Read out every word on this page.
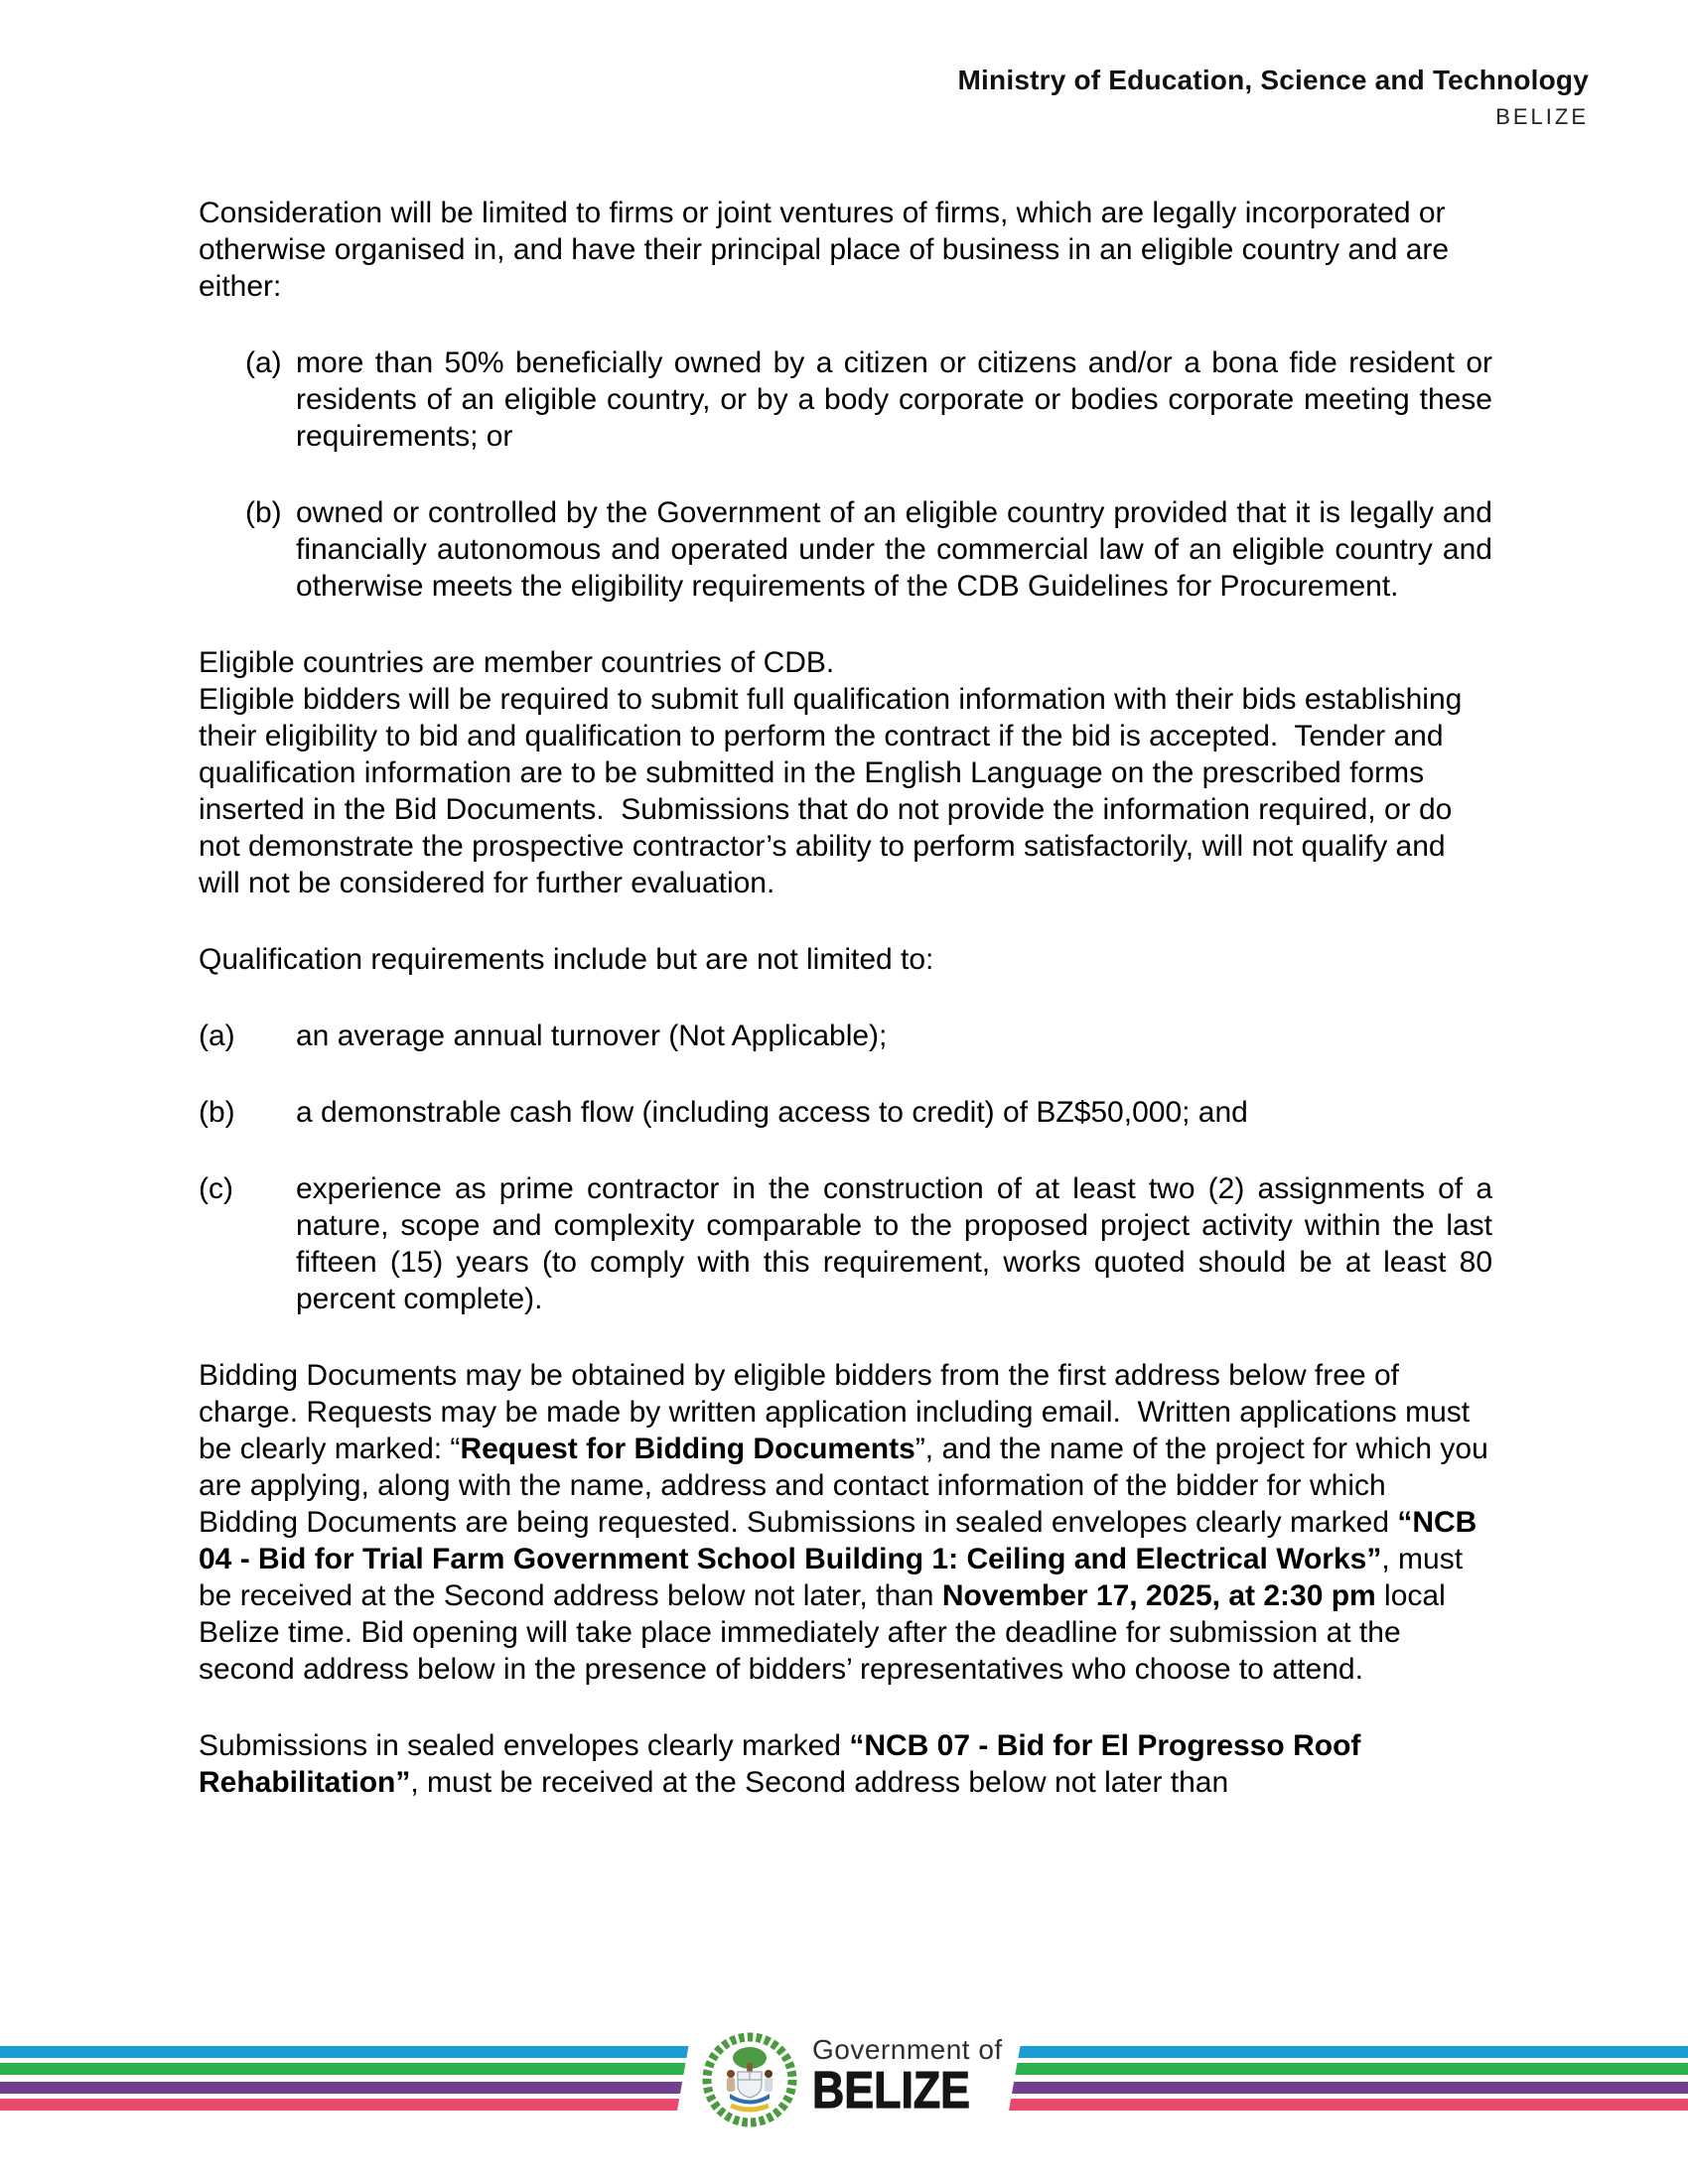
Ministry of Education, Science and Technology
BELIZE
Consideration will be limited to firms or joint ventures of firms, which are legally incorporated or otherwise organised in, and have their principal place of business in an eligible country and are either:
(a) more than 50% beneficially owned by a citizen or citizens and/or a bona fide resident or residents of an eligible country, or by a body corporate or bodies corporate meeting these requirements; or
(b) owned or controlled by the Government of an eligible country provided that it is legally and financially autonomous and operated under the commercial law of an eligible country and otherwise meets the eligibility requirements of the CDB Guidelines for Procurement.
Eligible countries are member countries of CDB.
Eligible bidders will be required to submit full qualification information with their bids establishing their eligibility to bid and qualification to perform the contract if the bid is accepted.  Tender and qualification information are to be submitted in the English Language on the prescribed forms inserted in the Bid Documents.  Submissions that do not provide the information required, or do not demonstrate the prospective contractor’s ability to perform satisfactorily, will not qualify and will not be considered for further evaluation.
Qualification requirements include but are not limited to:
(a) an average annual turnover (Not Applicable);
(b) a demonstrable cash flow (including access to credit) of BZ$50,000; and
(c) experience as prime contractor in the construction of at least two (2) assignments of a nature, scope and complexity comparable to the proposed project activity within the last fifteen (15) years (to comply with this requirement, works quoted should be at least 80 percent complete).
Bidding Documents may be obtained by eligible bidders from the first address below free of charge. Requests may be made by written application including email.  Written applications must be clearly marked: “Request for Bidding Documents”, and the name of the project for which you are applying, along with the name, address and contact information of the bidder for which Bidding Documents are being requested. Submissions in sealed envelopes clearly marked “NCB 04 - Bid for Trial Farm Government School Building 1: Ceiling and Electrical Works”, must be received at the Second address below not later, than November 17, 2025, at 2:30 pm local Belize time. Bid opening will take place immediately after the deadline for submission at the second address below in the presence of bidders’ representatives who choose to attend.
Submissions in sealed envelopes clearly marked “NCB 07 - Bid for El Progresso Roof Rehabilitation”, must be received at the Second address below not later than
Government of
BELIZE
